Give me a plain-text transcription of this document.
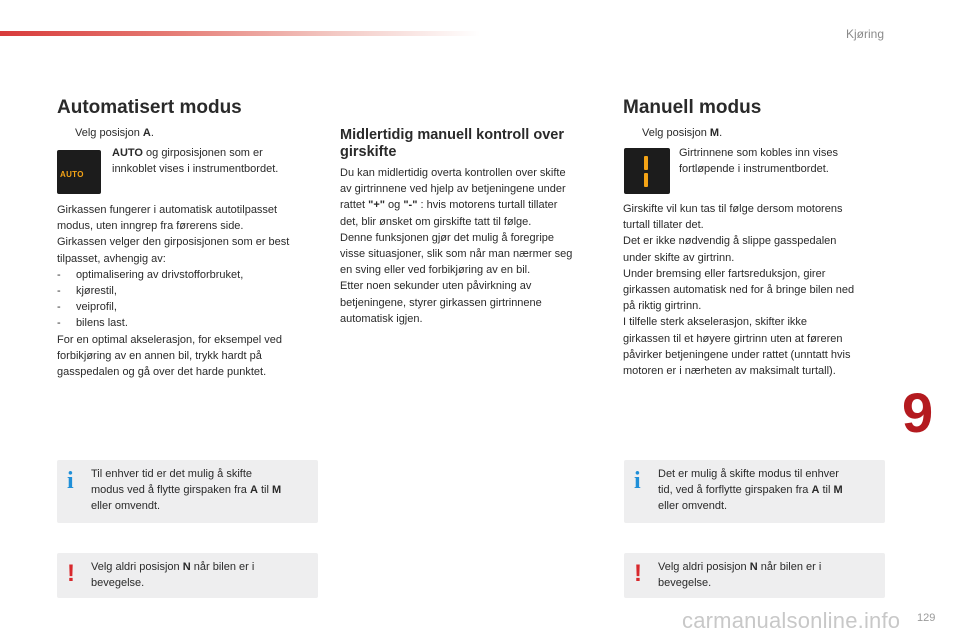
Kjøring
9
129
Automatisert modus
Velg posisjon A.
AUTO
AUTO og girposisjonen som er
innkoblet vises i instrumentbordet.
Girkassen fungerer i automatisk autotilpasset
modus, uten inngrep fra førerens side.
Girkassen velger den girposisjonen som er best
tilpasset, avhengig av:
-     optimalisering av drivstofforbruket,
-     kjørestil,
-     veiprofil,
-     bilens last.
For en optimal akselerasjon, for eksempel ved
forbikjøring av en annen bil, trykk hardt på
gasspedalen og gå over det harde punktet.
i Til enhver tid er det mulig å skifte
modus ved å flytte girspaken fra A til M
eller omvendt.
! Velg aldri posisjon N når bilen er i
bevegelse.
Midlertidig manuell kontroll over
girskifte
Du kan midlertidig overta kontrollen over skifte
av girtrinnene ved hjelp av betjeningene under
rattet "+" og "-" : hvis motorens turtall tillater
det, blir ønsket om girskifte tatt til følge.
Denne funksjonen gjør det mulig å foregripe
visse situasjoner, slik som når man nærmer seg
en sving eller ved forbikjøring av en bil.
Etter noen sekunder uten påvirkning av
betjeningene, styrer girkassen girtrinnene
automatisk igjen.
Manuell modus
Velg posisjon M.
Girtrinnene som kobles inn vises
fortløpende i instrumentbordet.
Girskifte vil kun tas til følge dersom motorens
turtall tillater det.
Det er ikke nødvendig å slippe gasspedalen
under skifte av girtrinn.
Under bremsing eller fartsreduksjon, girer
girkassen automatisk ned for å bringe bilen ned
på riktig girtrinn.
I tilfelle sterk akselerasjon, skifter ikke
girkassen til et høyere girtrinn uten at føreren
påvirker betjeningene under rattet (unntatt hvis
motoren er i nærheten av maksimalt turtall).
i Det er mulig å skifte modus til enhver
tid, ved å forflytte girspaken fra A til M
eller omvendt.
! Velg aldri posisjon N når bilen er i
bevegelse.
carmanualsonline.info
